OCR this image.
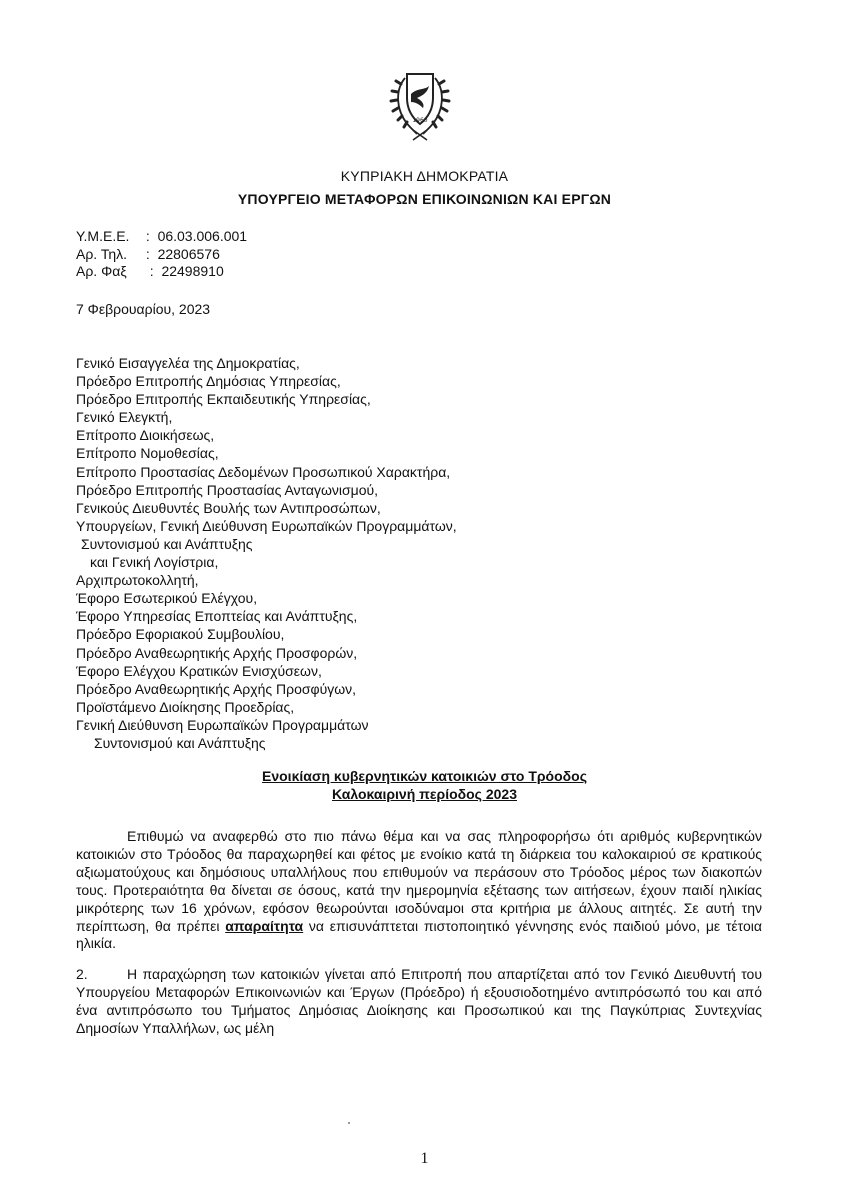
1960
ΚΥΠΡΙΑΚΗ ΔΗΜΟΚΡΑΤΙΑ
ΥΠΟΥΡΓΕΙΟ ΜΕΤΑΦΟΡΩΝ ΕΠΙΚΟΙΝΩΝΙΩΝ ΚΑΙ ΕΡΓΩΝ
Υ.Μ.Ε.Ε. :  06.03.006.001
Αρ. Τηλ. :  22806576
Αρ. Φαξ  :  22498910
7 Φεβρουαρίου, 2023
Γενικό Εισαγγελέα της Δημοκρατίας,
Πρόεδρο Επιτροπής Δημόσιας Υπηρεσίας,
Πρόεδρο Επιτροπής Εκπαιδευτικής Υπηρεσίας,
Γενικό Ελεγκτή,
Επίτροπο Διοικήσεως,
Επίτροπο Νομοθεσίας,
Επίτροπο Προστασίας Δεδομένων Προσωπικού Χαρακτήρα,
Πρόεδρο Επιτροπής Προστασίας Ανταγωνισμού,
Γενικούς Διευθυντές Βουλής των Αντιπροσώπων,
Υπουργείων, Γενική Διεύθυνση Ευρωπαϊκών Προγραμμάτων,
Συντονισμού και Ανάπτυξης
και Γενική Λογίστρια,
Αρχιπρωτοκολλητή,
Έφορο Εσωτερικού Ελέγχου,
Έφορο Υπηρεσίας Εποπτείας και Ανάπτυξης,
Πρόεδρο Εφοριακού Συμβουλίου,
Πρόεδρο Αναθεωρητικής Αρχής Προσφορών,
Έφορο Ελέγχου Κρατικών Ενισχύσεων,
Πρόεδρο Αναθεωρητικής Αρχής Προσφύγων,
Προϊστάμενο Διοίκησης Προεδρίας,
Γενική Διεύθυνση Ευρωπαϊκών Προγραμμάτων
Συντονισμού και Ανάπτυξης
Ενοικίαση κυβερνητικών κατοικιών στο Τρόοδος
Καλοκαιρινή περίοδος 2023
Επιθυμώ να αναφερθώ στο πιο πάνω θέμα και να σας πληροφορήσω ότι αριθμός κυβερνητικών κατοικιών στο Τρόοδος θα παραχωρηθεί και φέτος με ενοίκιο κατά τη διάρκεια του καλοκαιριού σε κρατικούς αξιωματούχους και δημόσιους υπαλλήλους που επιθυμούν να περάσουν στο Τρόοδος μέρος των διακοπών τους. Προτεραιότητα θα δίνεται σε όσους, κατά την ημερομηνία εξέτασης των αιτήσεων, έχουν παιδί ηλικίας μικρότερης των 16 χρόνων, εφόσον θεωρούνται ισοδύναμοι στα κριτήρια με άλλους αιτητές. Σε αυτή την περίπτωση, θα πρέπει απαραίτητα να επισυνάπτεται πιστοποιητικό γέννησης ενός παιδιού μόνο, με τέτοια ηλικία.
2.	Η παραχώρηση των κατοικιών γίνεται από Επιτροπή που απαρτίζεται από τον Γενικό Διευθυντή του Υπουργείου Μεταφορών Επικοινωνιών και Έργων (Πρόεδρο) ή εξουσιοδοτημένο αντιπρόσωπό του και από ένα αντιπρόσωπο του Τμήματος Δημόσιας Διοίκησης και Προσωπικού και της Παγκύπριας Συντεχνίας Δημοσίων Υπαλλήλων, ως μέλη
1
